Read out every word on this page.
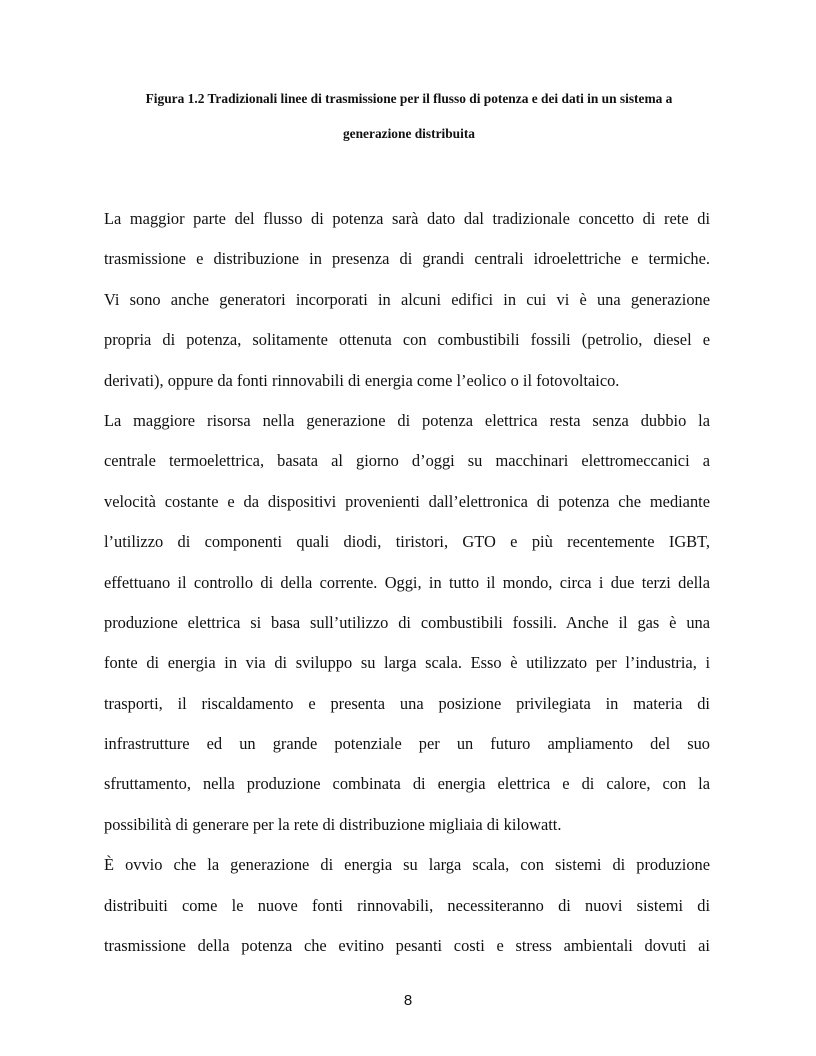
Figura 1.2 Tradizionali linee di trasmissione per il flusso di potenza e dei dati in un sistema a

generazione distribuita

La maggior parte del flusso di potenza sarà dato dal tradizionale concetto di rete di
trasmissione e distribuzione in presenza di grandi centrali idroelettriche e termiche.
Vi sono anche generatori incorporati in alcuni edifici in cui vi è una generazione
propria di potenza, solitamente ottenuta con combustibili fossili (petrolio, diesel e
derivati), oppure da fonti rinnovabili di energia come l’eolico o il fotovoltaico.
La maggiore risorsa nella generazione di potenza elettrica resta senza dubbio la
centrale termoelettrica, basata al giorno d’oggi su macchinari elettromeccanici a
velocità costante e da dispositivi provenienti dall’elettronica di potenza che mediante
l’utilizzo di componenti quali diodi, tiristori, GTO e più recentemente IGBT,
effettuano il controllo di della corrente. Oggi, in tutto il mondo, circa i due terzi della
produzione elettrica si basa sull’utilizzo di combustibili fossili. Anche il gas è una
fonte di energia in via di sviluppo su larga scala. Esso è utilizzato per l’industria, i
trasporti, il riscaldamento e presenta una posizione privilegiata in materia di
infrastrutture ed un grande potenziale per un futuro ampliamento del suo
sfruttamento, nella produzione combinata di energia elettrica e di calore, con la
possibilità di generare per la rete di distribuzione migliaia di kilowatt.
È ovvio che la generazione di energia su larga scala, con sistemi di produzione
distribuiti come le nuove fonti rinnovabili, necessiteranno di nuovi sistemi di
trasmissione della potenza che evitino pesanti costi e stress ambientali dovuti ai
8
